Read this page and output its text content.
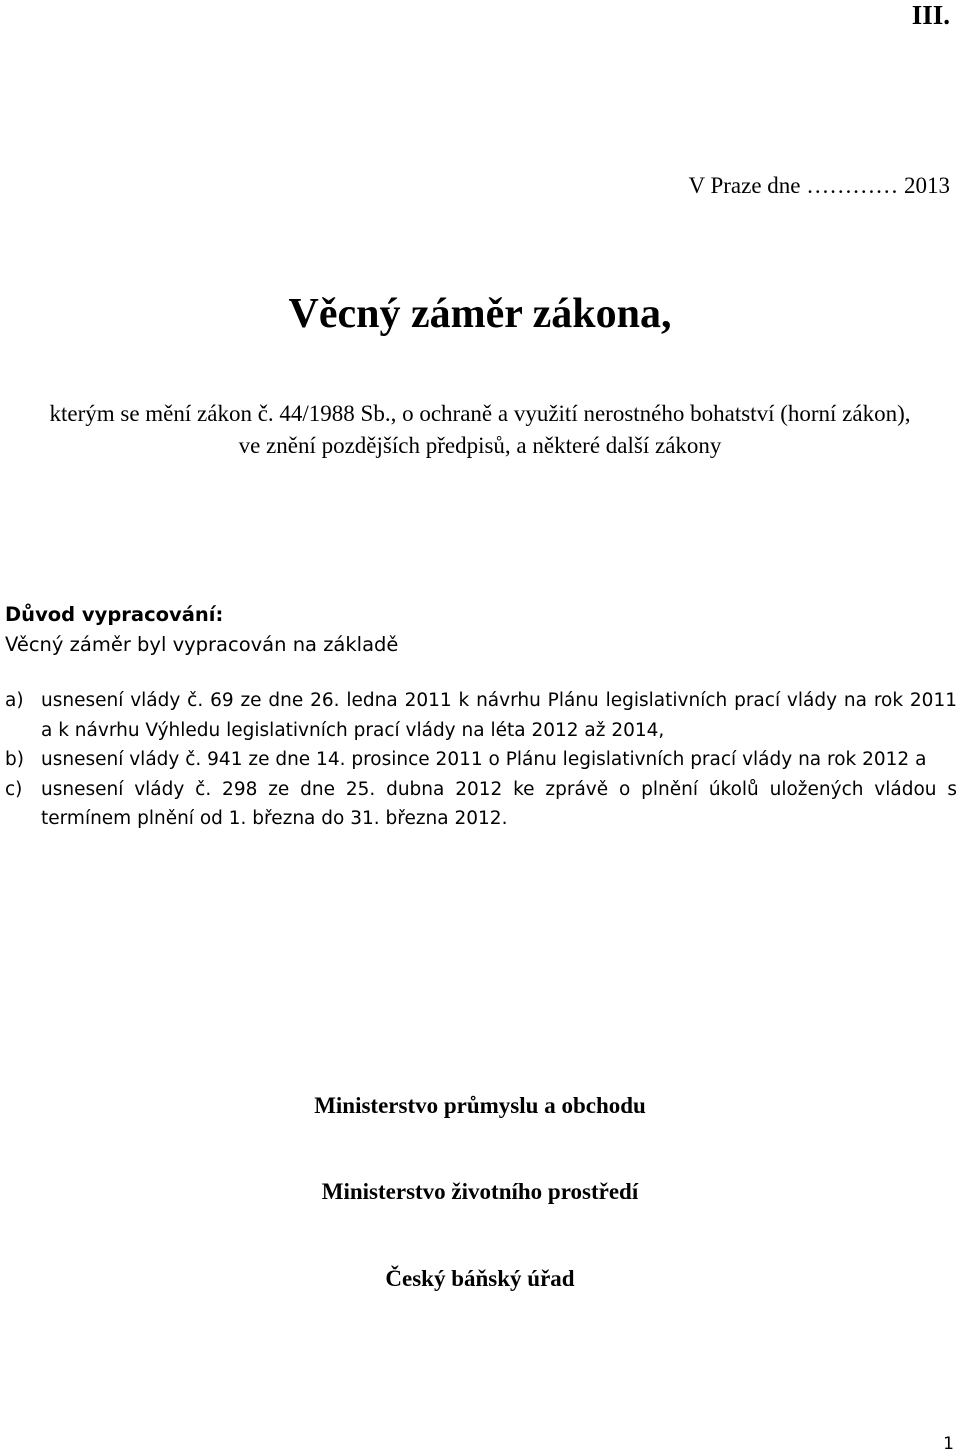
III.
V Praze dne ………… 2013
Věcný záměr zákona,
kterým se mění zákon č. 44/1988 Sb., o ochraně a využití nerostného bohatství (horní zákon),
ve znění pozdějších předpisů, a některé další zákony
Důvod vypracování:
Věcný záměr byl vypracován na základě
a) usnesení vlády č. 69 ze dne 26. ledna 2011 k návrhu Plánu legislativních prací vlády na rok 2011 a k návrhu Výhledu legislativních prací vlády na léta 2012 až 2014,
b) usnesení vlády č. 941 ze dne 14. prosince 2011 o Plánu legislativních prací vlády na rok 2012 a
c) usnesení vlády č. 298 ze dne 25. dubna 2012 ke zprávě o plnění úkolů uložených vládou s termínem plnění od 1. března do 31. března 2012.
Ministerstvo průmyslu a obchodu
Ministerstvo životního prostředí
Český báňský úřad
1
